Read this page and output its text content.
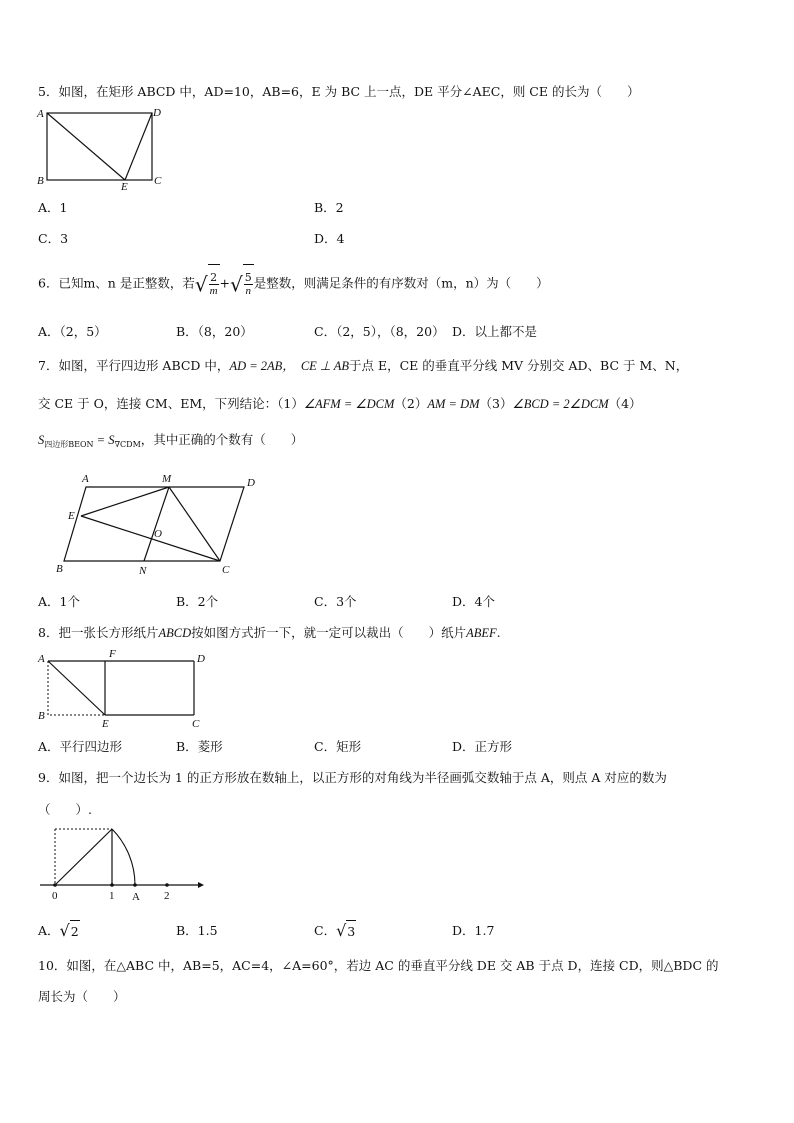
5．如图，在矩形 ABCD 中，AD=10，AB=6，E 为 BC 上一点，DE 平分∠AEC，则 CE 的长为（　　）
A	D
B	E C
A．1	B．2
C．3	D．4
6．已知m、n 是正整数，若√ $\frac{2}{m}$ +√ $\frac{5}{n}$ 是整数，则满足条件的有序数对（m，n）为（　　）
A．（2，5）	B．（8，20）	C．（2，5），（8，20） D．以上都不是
7．如图，平行四边形 ABCD 中，AD = 2AB， CE ⊥ AB于点 E，CE 的垂直平分线 MV 分别交 AD、BC 于 M、N，
交 CE 于 O，连接 CM、EM，下列结论：（1）∠AFM = ∠DCM（2）AM = DM（3）∠BCD = 2∠DCM（4）
$S_{四边形BEON} = S_{\nabla CDM}$，其中正确的个数有（　　）
A	M	D
E
O
B	N	C
A．1个	B．2个	C．3个	D．4个
8．把一张长方形纸片ABCD按如图方式折一下，就一定可以裁出（　　）纸片ABEF.
A	F	D
B
E	C
A．平行四边形	B．菱形	C．矩形	D．正方形
9．如图，把一个边长为 1 的正方形放在数轴上，以正方形的对角线为半径画弧交数轴于点 A，则点 A 对应的数为
（　　）.
0	1 A 2
A．√2	B．1.5	C．√3	D．1.7
10．如图，在△ABC 中，AB=5，AC=4，∠A=60°，若边 AC 的垂直平分线 DE 交 AB 于点 D，连接 CD，则△BDC 的
周长为（　　）
